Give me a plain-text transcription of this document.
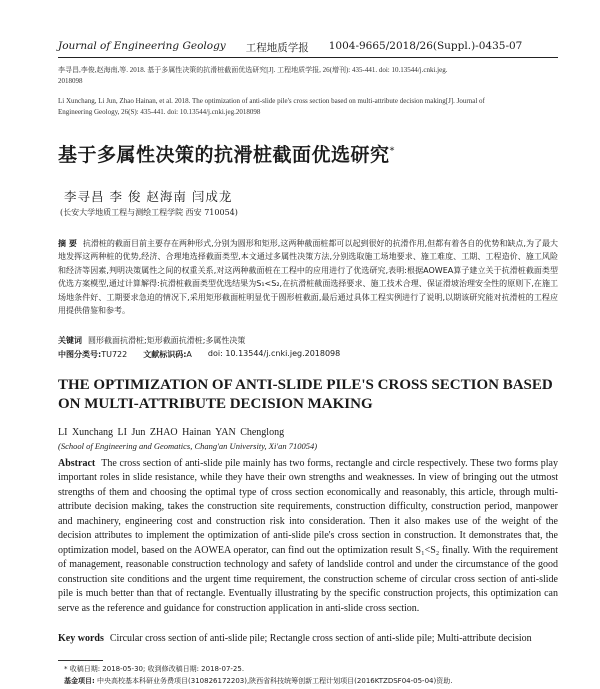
Journal of Engineering Geology 工程地质学报 1004-9665/2018/26(Suppl.)-0435-07
李寻昌,李俊,赵海南,等. 2018. 基于多属性决策的抗滑桩截面优选研究[J]. 工程地质学报, 26(增刊): 435-441. doi: 10.13544/j.cnki.jeg.
2018098
Li Xunchang, Li Jun, Zhao Hainan, et al. 2018. The optimization of anti-slide pile's cross section based on multi-attribute decision making[J]. Journal of
Engineering Geology, 26(S): 435-441. doi: 10.13544/j.cnki.jeg.2018098
基于多属性决策的抗滑桩截面优选研究*
李寻昌 李 俊 赵海南 闫成龙
(长安大学地质工程与测绘工程学院 西安 710054)
摘 要 抗滑桩的截面目前主要存在两种形式,分别为圆形和矩形,这两种截面桩都可以起到很好的抗滑作用,但都有着各自的优势和缺点,为了最大地发挥这两种桩的优势,经济、合理地选择截面类型,本文通过多属性决策方法,分别选取施工场地要求、施工难度、工期、工程造价、施工风险和经济等因素,判明决策属性之间的权重关系,对这两种截面桩在工程中的应用进行了优选研究,表明:根据AOWEA算子建立关于抗滑桩截面类型优选方案模型,通过计算解得:抗滑桩截面类型优选结果为S₁<S₂,在抗滑桩截面选择要求、施工技术合理、保证滑坡治理安全性的原则下,在施工场地条件好、工期要求急迫的情况下,采用矩形截面桩明显优于圆形桩截面,最后通过具体工程实例进行了说明,以期该研究能对抗滑桩的工程应用提供借鉴和参考。
关键词 圆形截面抗滑桩;矩形截面抗滑桩;多属性决策
中图分类号:TU722 文献标识码:A doi: 10.13544/j.cnki.jeg.2018098
THE OPTIMIZATION OF ANTI-SLIDE PILE'S CROSS SECTION BASED
ON MULTI-ATTRIBUTE DECISION MAKING
LI Xunchang LI Jun ZHAO Hainan YAN Chenglong
(School of Engineering and Geomatics, Chang'an University, Xi'an 710054)
Abstract The cross section of anti-slide pile mainly has two forms, rectangle and circle respectively. These two forms play important roles in slide resistance, while they have their own strengths and weaknesses. In view of bringing out the utmost strengths of them and choosing the optimal type of cross section economically and reasonably, this article, through multi-attribute decision making, takes the construction site requirements, construction difficulty, construction period, manpower and machinery, engineering cost and construction risk into consideration. Then it also makes use of the weight of the decision attributes to implement the optimization of anti-slide pile's cross section in construction. It demonstrates that, the optimization model, based on the AOWEA operator, can find out the optimization result S₁<S₂ finally. With the requirement of management, reasonable construction technology and safety of landslide control and under the circumstance of the good construction site conditions and the urgent time requirement, the construction scheme of circular cross section of anti-slide pile is much better than that of rectangle. Eventually illustrating by the specific construction projects, this optimization can serve as the reference and guidance for construction application in anti-slide cross section.
Key words Circular cross section of anti-slide pile; Rectangle cross section of anti-slide pile; Multi-attribute decision
* 收稿日期: 2018-05-30; 收到修改稿日期: 2018-07-25.
基金项目: 中央高校基本科研业务费项目(310826172203),陕西省科技统筹创新工程计划项目(2016KTZDSF04-05-04)资助.
